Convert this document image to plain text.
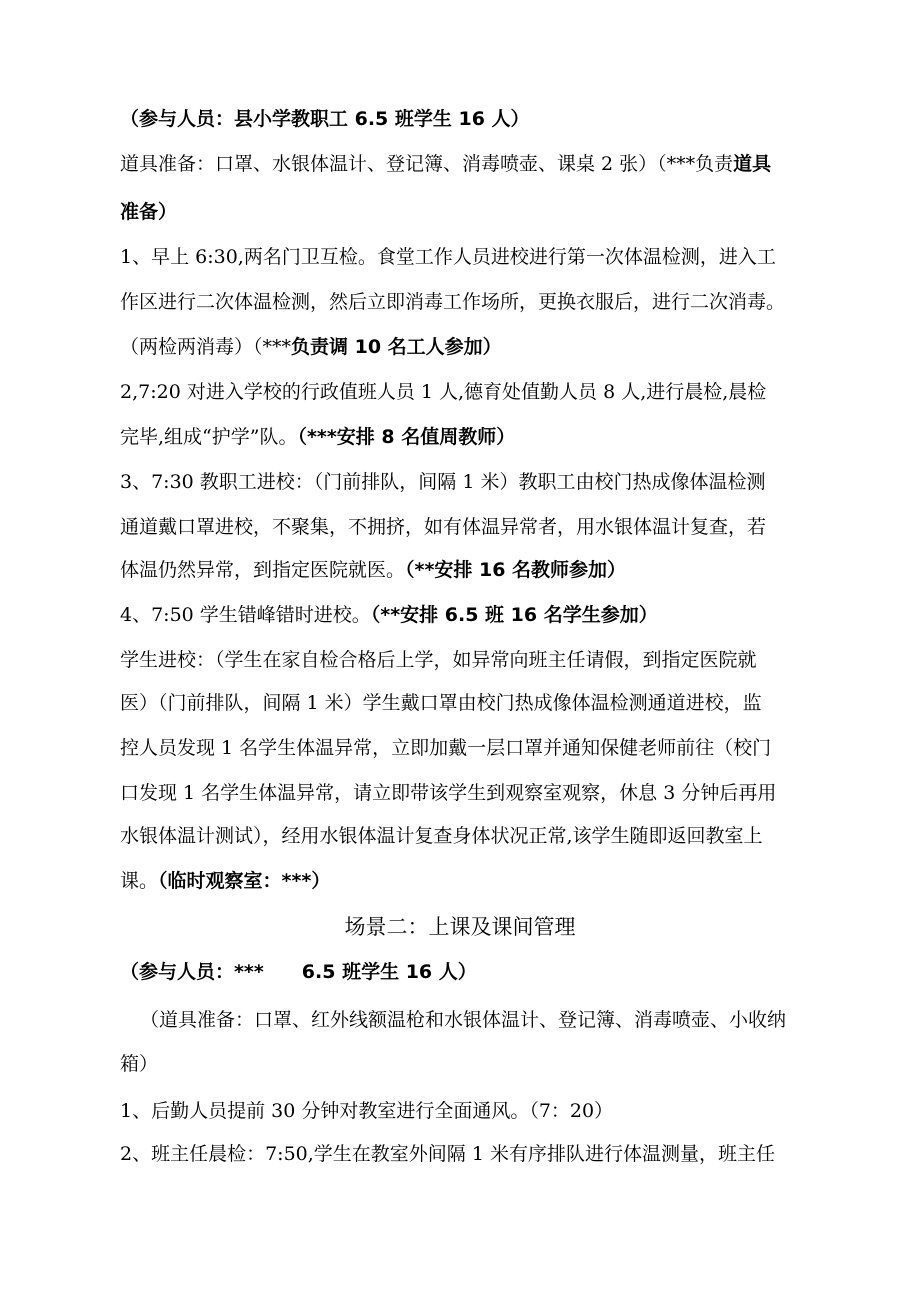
（参与人员：县小学教职工 6.5 班学生 16 人）
道具准备：口罩、水银体温计、登记簿、消毒喷壶、课桌 2 张）（***负责道具
准备）
1、早上 6:30,两名门卫互检。食堂工作人员进校进行第一次体温检测，进入工
作区进行二次体温检测，然后立即消毒工作场所，更换衣服后，进行二次消毒。
（两检两消毒）（***负责调 10 名工人参加）
2,7:20 对进入学校的行政值班人员 1 人,德育处值勤人员 8 人,进行晨检,晨检
完毕,组成“护学”队。（***安排 8 名值周教师）
3、7:30 教职工进校：（门前排队，间隔 1 米）教职工由校门热成像体温检测
通道戴口罩进校，不聚集，不拥挤，如有体温异常者，用水银体温计复查，若
体温仍然异常，到指定医院就医。（**安排 16 名教师参加）
4、7:50 学生错峰错时进校。（**安排 6.5 班 16 名学生参加）
学生进校：（学生在家自检合格后上学，如异常向班主任请假，到指定医院就
医）（门前排队，间隔 1 米）学生戴口罩由校门热成像体温检测通道进校，监
控人员发现 1 名学生体温异常，立即加戴一层口罩并通知保健老师前往（校门
口发现 1 名学生体温异常，请立即带该学生到观察室观察，休息 3 分钟后再用
水银体温计测试），经用水银体温计复查身体状况正常,该学生随即返回教室上
课。（临时观察室：***）
场景二：上课及课间管理
（参与人员：***　　6.5 班学生 16 人）
（道具准备：口罩、红外线额温枪和水银体温计、登记簿、消毒喷壶、小收纳
箱）
1、后勤人员提前 30 分钟对教室进行全面通风。（7：20）
2、班主任晨检：7:50,学生在教室外间隔 1 米有序排队进行体温测量，班主任
